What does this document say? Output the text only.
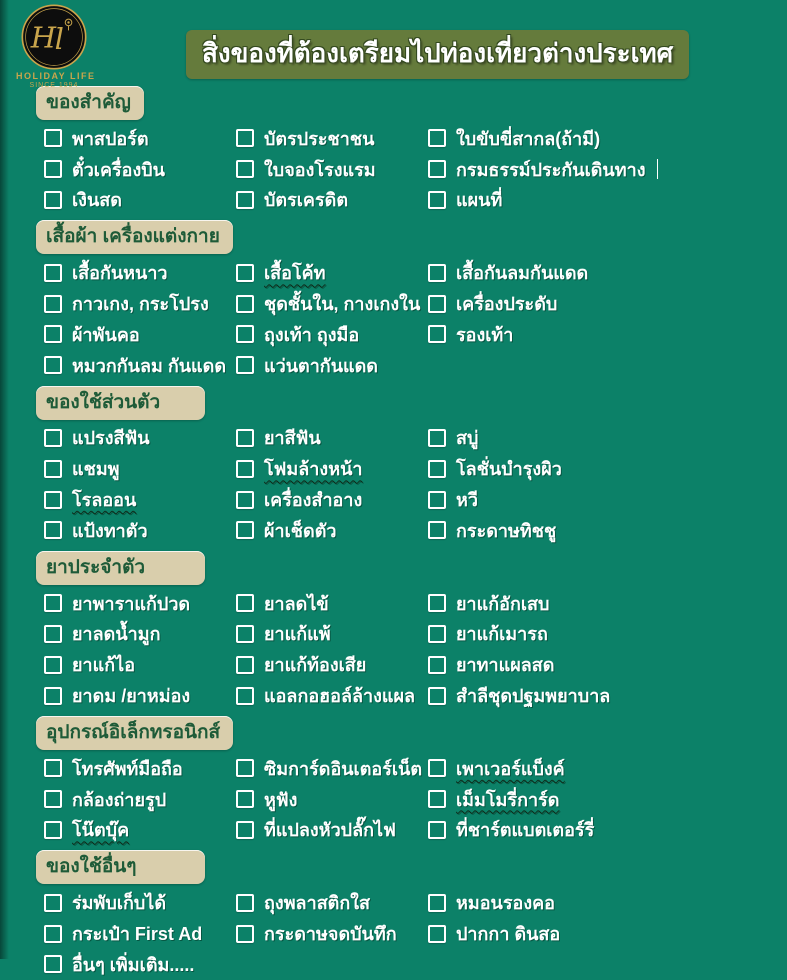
H
l
HOLIDAY LIFE
SINCE 1994
สิ่งของที่ต้องเตรียมไปท่องเที่ยวต่างประเทศ
ของสำคัญ
พาสปอร์ต
ตั๋วเครื่องบิน
เงินสด
บัตรประชาชน
ใบจองโรงแรม
บัตรเครดิต
ใบขับขี่สากล(ถ้ามี)
กรมธรรม์ประกันเดินทาง
แผนที่
เสื้อผ้า เครื่องแต่งกาย
เสื้อกันหนาว
กาวเกง, กระโปรง
ผ้าพันคอ
หมวกกันลม กันแดด
เสื้อโค้ท
ชุดชั้นใน, กางเกงใน
ถุงเท้า ถุงมือ
แว่นตากันแดด
เสื้อกันลมกันแดด
เครื่องประดับ
รองเท้า
ของใช้ส่วนตัว
แปรงสีฟัน
แชมพู
โรลออน
แป้งทาตัว
ยาสีฟัน
โฟมล้างหน้า
เครื่องสำอาง
ผ้าเช็ดตัว
สบู่
โลชั่นบำรุงผิว
หวี
กระดาษทิชชู
ยาประจำตัว
ยาพาราแก้ปวด
ยาลดน้ำมูก
ยาแก้ไอ
ยาดม /ยาหม่อง
ยาลดไข้
ยาแก้แพ้
ยาแก้ท้องเสีย
แอลกอฮอล์ล้างแผล
ยาแก้อักเสบ
ยาแก้เมารถ
ยาทาแผลสด
สำลีชุดปฐมพยาบาล
อุปกรณ์อิเล็กทรอนิกส์
โทรศัพท์มือถือ
กล้องถ่ายรูป
โน๊ตบุ๊ค
ซิมการ์ดอินเตอร์เน็ต
หูฟัง
ที่แปลงหัวปลั๊กไฟ
เพาเวอร์แบ็งค์
เม็มโมรี่การ์ด
ที่ชาร์ตแบตเตอร์รี่
ของใช้อื่นๆ
ร่มพับเก็บได้
กระเป๋า First Ad
อื่นๆ เพิ่มเติม.....
ถุงพลาสติกใส
กระดาษจดบันทึก
หมอนรองคอ
ปากกา ดินสอ
